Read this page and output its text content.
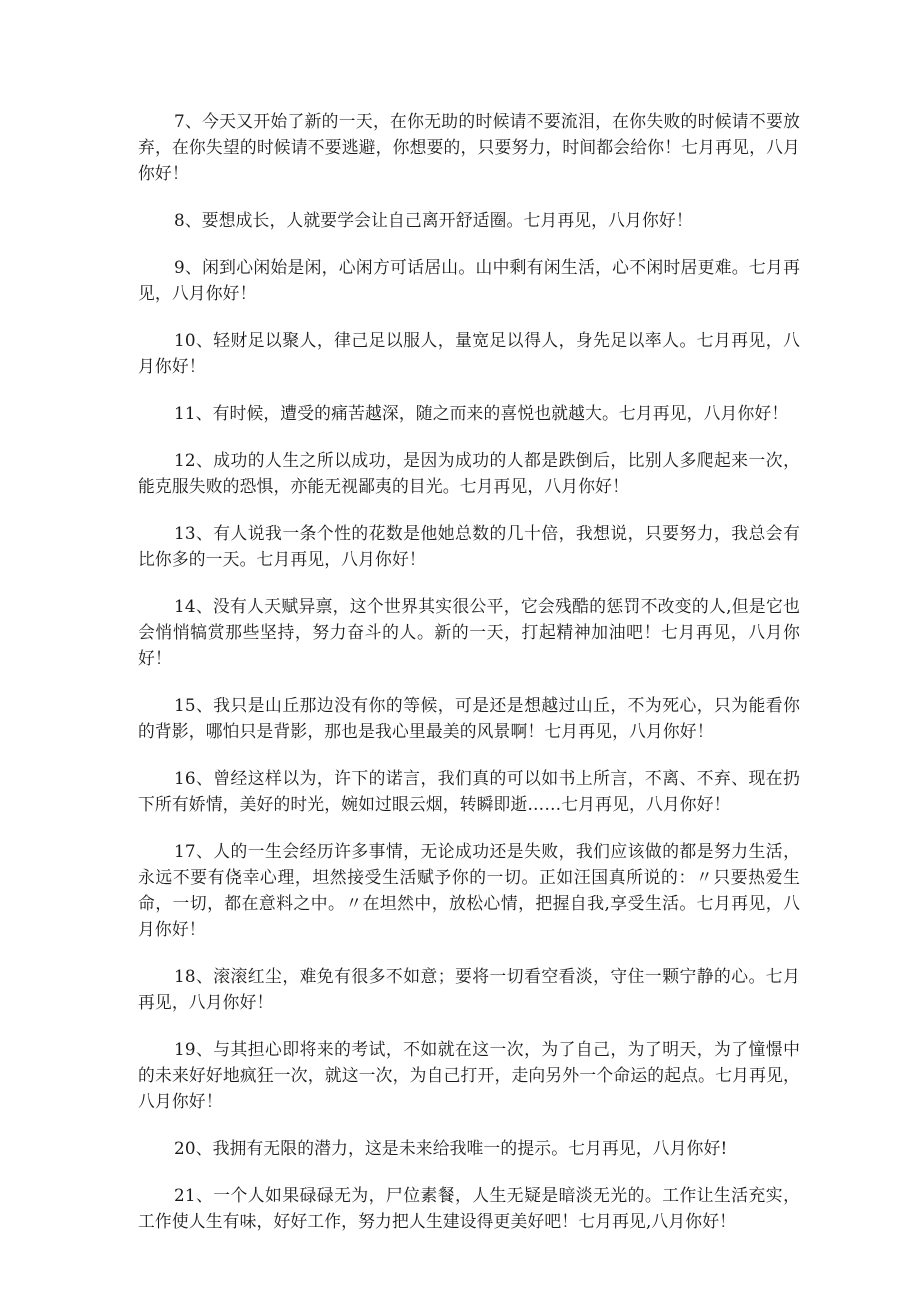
7、今天又开始了新的一天，在你无助的时候请不要流泪，在你失败的时候请不要放弃，在你失望的时候请不要逃避，你想要的，只要努力，时间都会给你！七月再见，八月你好！

8、要想成长，人就要学会让自己离开舒适圈。七月再见，八月你好！

9、闲到心闲始是闲，心闲方可话居山。山中剩有闲生活，心不闲时居更难。七月再见，八月你好！

10、轻财足以聚人，律己足以服人，量宽足以得人，身先足以率人。七月再见，八月你好！

11、有时候，遭受的痛苦越深，随之而来的喜悦也就越大。七月再见，八月你好！

12、成功的人生之所以成功，是因为成功的人都是跌倒后，比别人多爬起来一次，能克服失败的恐惧，亦能无视鄙夷的目光。七月再见，八月你好！

13、有人说我一条个性的花数是他她总数的几十倍，我想说，只要努力，我总会有比你多的一天。七月再见，八月你好！

14、没有人天赋异禀，这个世界其实很公平，它会残酷的惩罚不改变的人,但是它也会悄悄犒赏那些坚持，努力奋斗的人。新的一天，打起精神加油吧！七月再见，八月你好！

15、我只是山丘那边没有你的等候，可是还是想越过山丘，不为死心，只为能看你的背影，哪怕只是背影，那也是我心里最美的风景啊！七月再见，八月你好！

16、曾经这样以为，许下的诺言，我们真的可以如书上所言，不离、不弃、现在扔下所有娇情，美好的时光，婉如过眼云烟，转瞬即逝……七月再见，八月你好！

17、人的一生会经历许多事情，无论成功还是失败，我们应该做的都是努力生活，永远不要有侥幸心理，坦然接受生活赋予你的一切。正如汪国真所说的：〃只要热爱生命，一切，都在意料之中。〃在坦然中，放松心情，把握自我,享受生活。七月再见，八月你好！

18、滚滚红尘，难免有很多不如意；要将一切看空看淡，守住一颗宁静的心。七月再见，八月你好！

19、与其担心即将来的考试，不如就在这一次，为了自己，为了明天，为了憧憬中的未来好好地疯狂一次，就这一次，为自己打开，走向另外一个命运的起点。七月再见，八月你好！

20、我拥有无限的潜力，这是未来给我唯一的提示。七月再见，八月你好!

21、一个人如果碌碌无为，尸位素餐，人生无疑是暗淡无光的。工作让生活充实，工作使人生有味，好好工作，努力把人生建设得更美好吧！七月再见,八月你好！
